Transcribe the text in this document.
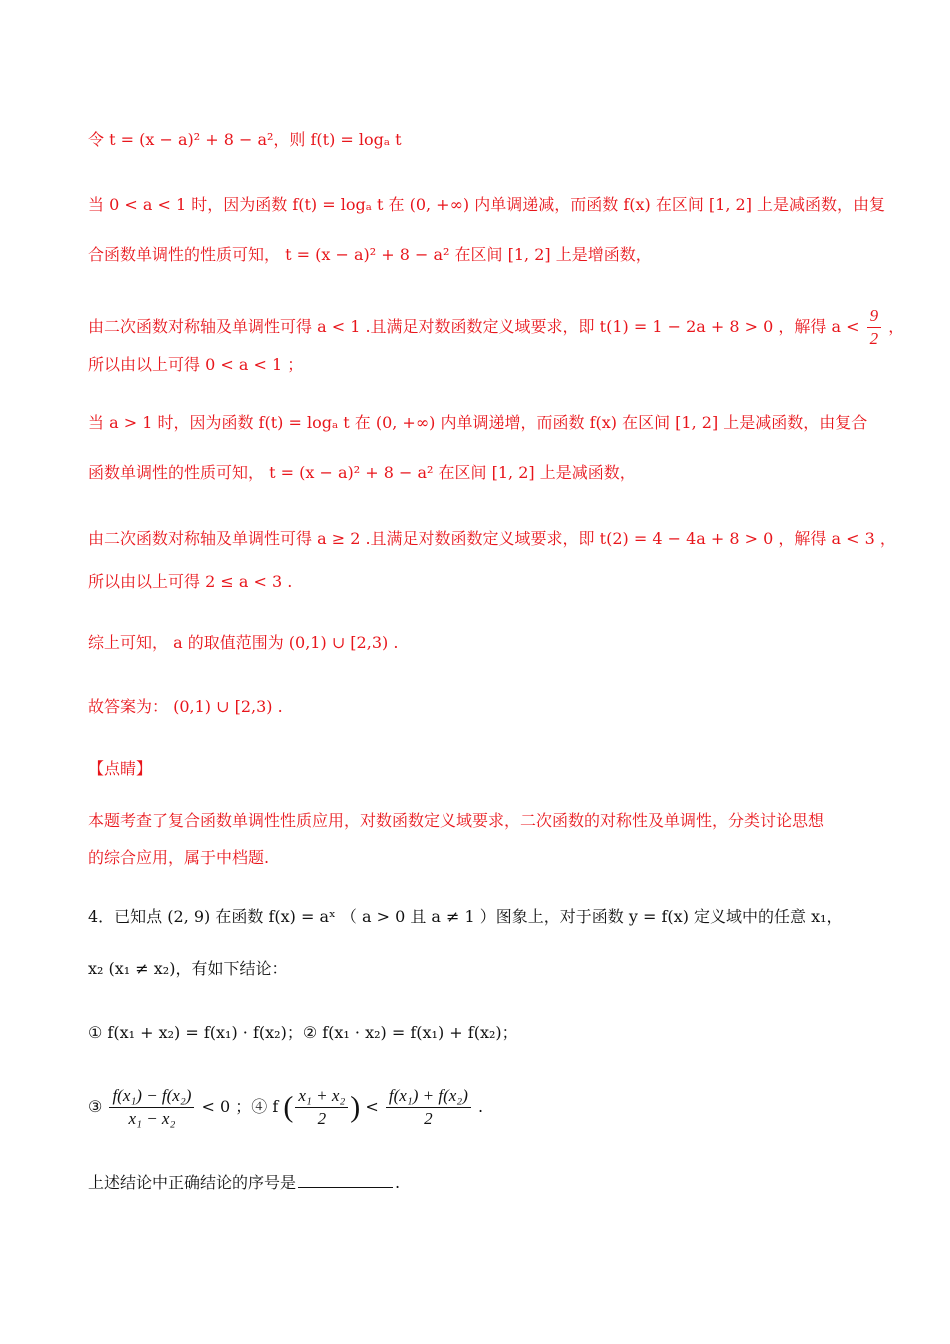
令 t = (x − a)² + 8 − a²，则 f(t) = logₐ t
当 0 < a < 1 时，因为函数 f(t) = logₐ t 在 (0, +∞) 内单调递减，而函数 f(x) 在区间 [1, 2] 上是减函数，由复
合函数单调性的性质可知， t = (x − a)² + 8 − a² 在区间 [1, 2] 上是增函数，
由二次函数对称轴及单调性可得 a < 1 .且满足对数函数定义域要求，即 t(1) = 1 − 2a + 8 > 0 ，解得 $a < \frac{9}{2}$ ，
所以由以上可得 0 < a < 1 ；
当 a > 1 时，因为函数 f(t) = logₐ t 在 (0, +∞) 内单调递增，而函数 f(x) 在区间 [1, 2] 上是减函数，由复合
函数单调性的性质可知， t = (x − a)² + 8 − a² 在区间 [1, 2] 上是减函数，
由二次函数对称轴及单调性可得 a ≥ 2 .且满足对数函数定义域要求，即 t(2) = 4 − 4a + 8 > 0 ，解得 a < 3 ，
所以由以上可得 2 ≤ a < 3 .
综上可知， a 的取值范围为 (0,1) ∪ [2,3) .
故答案为： (0,1) ∪ [2,3) .
【点睛】
本题考查了复合函数单调性性质应用，对数函数定义域要求，二次函数的对称性及单调性，分类讨论思想
的综合应用，属于中档题.
4．已知点 (2, 9) 在函数 f(x) = aˣ （ a > 0 且 a ≠ 1 ）图象上，对于函数 y = f(x) 定义域中的任意 x₁，
x₂ (x₁ ≠ x₂)，有如下结论：
① f(x₁ + x₂) = f(x₁) · f(x₂)；② f(x₁ · x₂) = f(x₁) + f(x₂)；
③ $\frac{\text{f(x₁) − f(x₂)}}{\text{x₁ − x₂}} < 0$ ；④ f ( $\frac{\text{x₁ + x₂}}{2}$ ) < $\frac{\text{f(x₁) + f(x₂)}}{2}$ .
上述结论中正确结论的序号是	.
